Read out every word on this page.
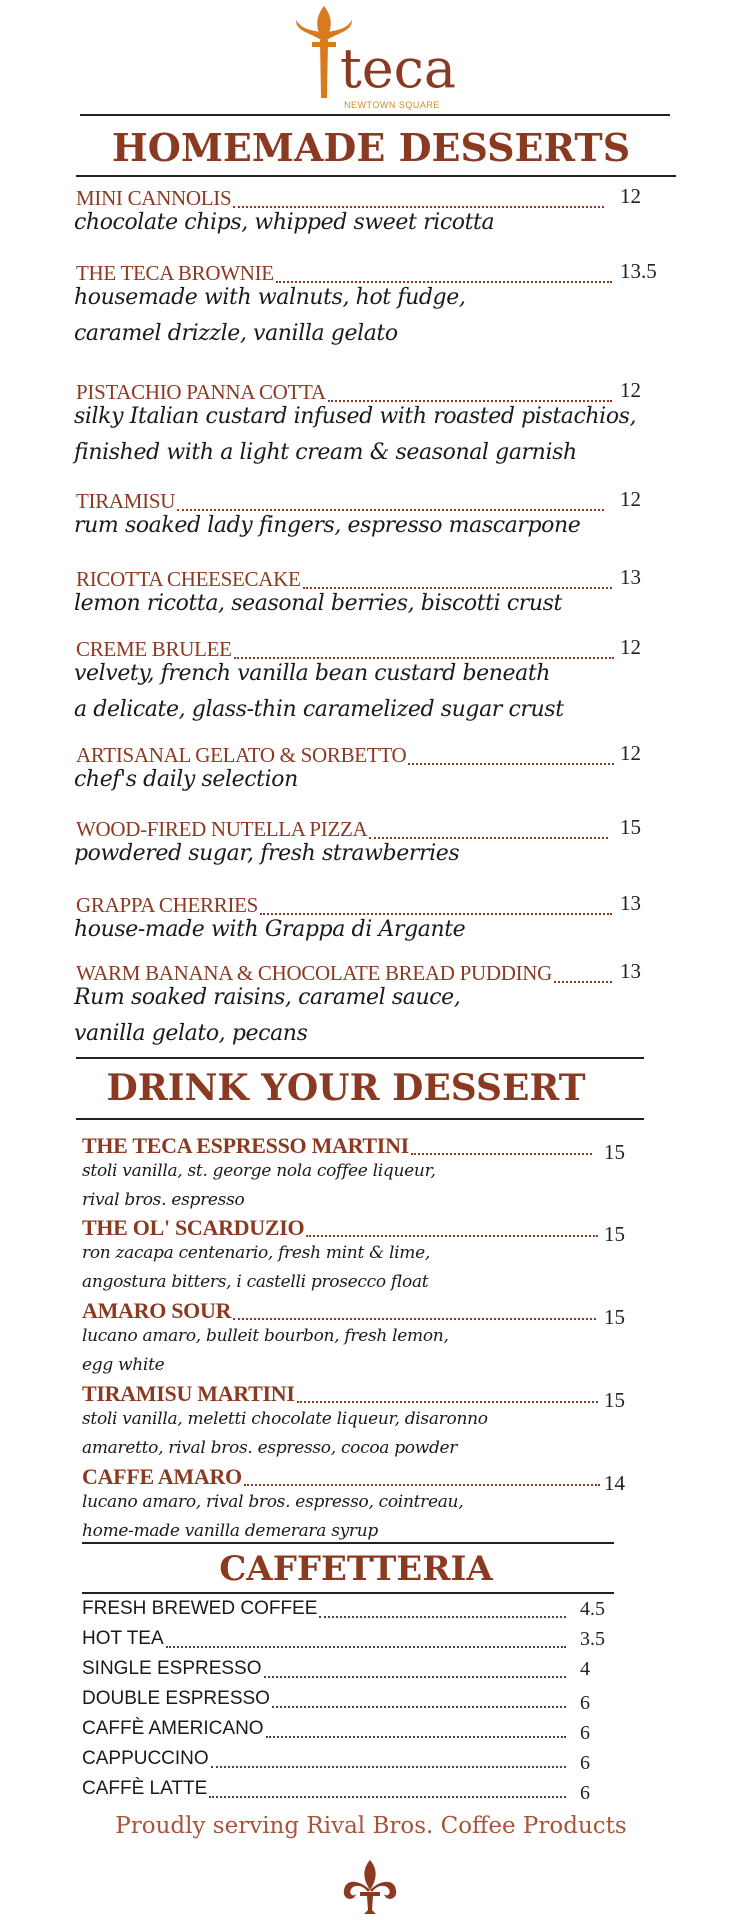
teca
NEWTOWN SQUARE
HOMEMADE DESSERTS
MINI CANNOLIS	12
chocolate chips, whipped sweet ricotta
THE TECA BROWNIE	13.5
housemade with walnuts, hot fudge,
caramel drizzle, vanilla gelato
PISTACHIO PANNA COTTA	12
silky Italian custard infused with roasted pistachios,
finished with a light cream & seasonal garnish
TIRAMISU	12
rum soaked lady fingers, espresso mascarpone
RICOTTA CHEESECAKE	13
lemon ricotta, seasonal berries, biscotti crust
CREME BRULEE	12
velvety, french vanilla bean custard beneath
a delicate, glass-thin caramelized sugar crust
ARTISANAL GELATO & SORBETTO	12
chef's daily selection
WOOD-FIRED NUTELLA PIZZA	15
powdered sugar, fresh strawberries
GRAPPA CHERRIES	13
house-made with Grappa di Argante
WARM BANANA & CHOCOLATE BREAD PUDDING	13
Rum soaked raisins, caramel sauce,
vanilla gelato, pecans
DRINK YOUR DESSERT
THE TECA ESPRESSO MARTINI	15
stoli vanilla, st. george nola coffee liqueur,
rival bros. espresso
THE OL' SCARDUZIO	15
ron zacapa centenario, fresh mint & lime,
angostura bitters, i castelli prosecco float
AMARO SOUR	15
lucano amaro, bulleit bourbon, fresh lemon,
egg white
TIRAMISU MARTINI	15
stoli vanilla, meletti chocolate liqueur, disaronno
amaretto, rival bros. espresso, cocoa powder
CAFFE AMARO	14
lucano amaro, rival bros. espresso, cointreau,
home-made vanilla demerara syrup
CAFFETTERIA
FRESH BREWED COFFEE	4.5
HOT TEA	3.5
SINGLE ESPRESSO	4
DOUBLE ESPRESSO	6
CAFFÈ AMERICANO	6
CAPPUCCINO	6
CAFFÈ LATTE	6
Proudly serving Rival Bros. Coffee Products
